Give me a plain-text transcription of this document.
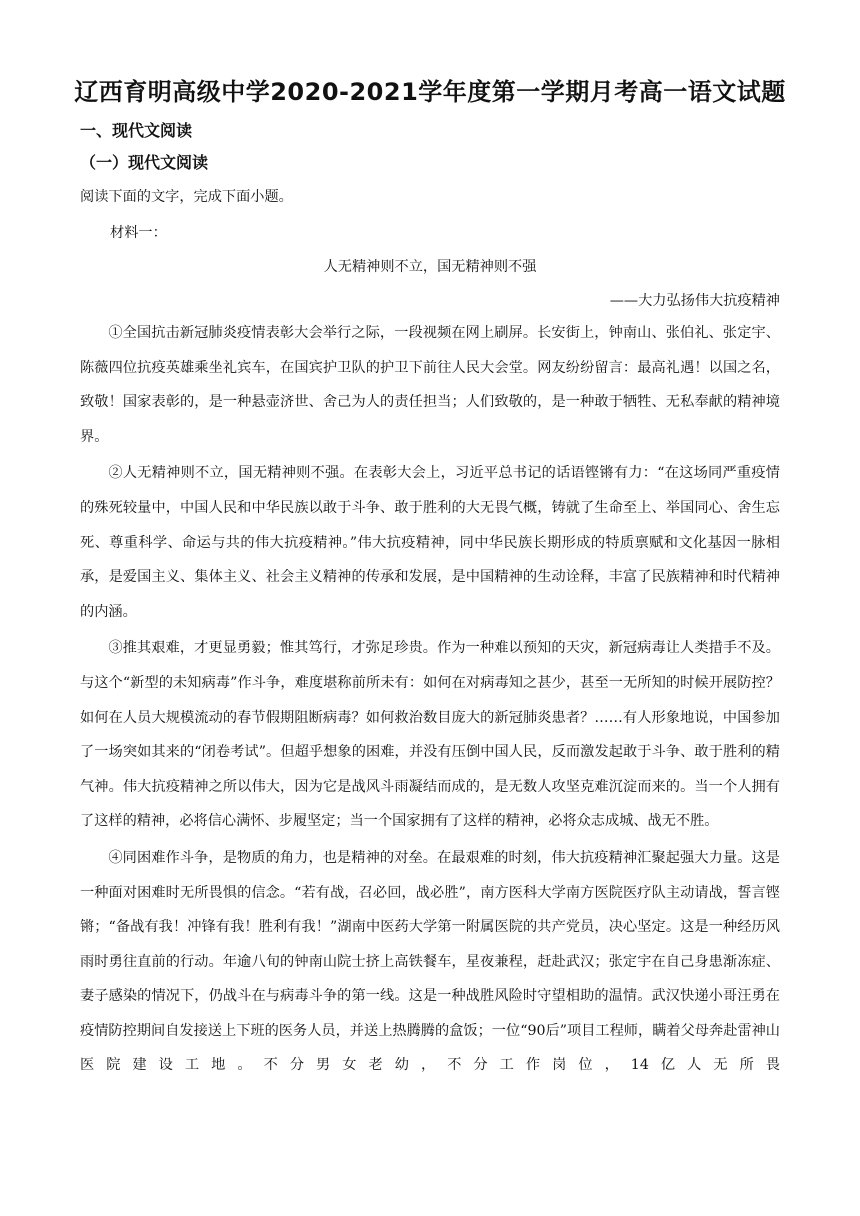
辽西育明高级中学2020-2021学年度第一学期月考高一语文试题
一、现代文阅读
（一）现代文阅读
阅读下面的文字，完成下面小题。
材料一：
人无精神则不立，国无精神则不强
——大力弘扬伟大抗疫精神

①全国抗击新冠肺炎疫情表彰大会举行之际，一段视频在网上刷屏。长安街上，钟南山、张伯礼、张定宇、陈薇四位抗疫英雄乘坐礼宾车，在国宾护卫队的护卫下前往人民大会堂。网友纷纷留言：最高礼遇！以国之名，致敬！国家表彰的，是一种悬壶济世、舍己为人的责任担当；人们致敬的，是一种敢于牺牲、无私奉献的精神境界。

②人无精神则不立，国无精神则不强。在表彰大会上，习近平总书记的话语铿锵有力：“在这场同严重疫情的殊死较量中，中国人民和中华民族以敢于斗争、敢于胜利的大无畏气概，铸就了生命至上、举国同心、舍生忘死、尊重科学、命运与共的伟大抗疫精神。”伟大抗疫精神，同中华民族长期形成的特质禀赋和文化基因一脉相承，是爱国主义、集体主义、社会主义精神的传承和发展，是中国精神的生动诠释，丰富了民族精神和时代精神的内涵。

③推其艰难，才更显勇毅；惟其笃行，才弥足珍贵。作为一种难以预知的天灾，新冠病毒让人类措手不及。与这个“新型的未知病毒”作斗争，难度堪称前所未有：如何在对病毒知之甚少，甚至一无所知的时候开展防控？如何在人员大规模流动的春节假期阻断病毒？如何救治数目庞大的新冠肺炎患者？……有人形象地说，中国参加了一场突如其来的“闭卷考试”。但超乎想象的困难，并没有压倒中国人民，反而激发起敢于斗争、敢于胜利的精气神。伟大抗疫精神之所以伟大，因为它是战风斗雨凝结而成的，是无数人攻坚克难沉淀而来的。当一个人拥有了这样的精神，必将信心满怀、步履坚定；当一个国家拥有了这样的精神，必将众志成城、战无不胜。

④同困难作斗争，是物质的角力，也是精神的对垒。在最艰难的时刻，伟大抗疫精神汇聚起强大力量。这是一种面对困难时无所畏惧的信念。“若有战，召必回，战必胜”，南方医科大学南方医院医疗队主动请战，誓言铿锵；“备战有我！冲锋有我！胜利有我！”湖南中医药大学第一附属医院的共产党员，决心坚定。这是一种经历风雨时勇往直前的行动。年逾八旬的钟南山院士挤上高铁餐车，星夜兼程，赶赴武汉；张定宇在自己身患渐冻症、妻子感染的情况下，仍战斗在与病毒斗争的第一线。这是一种战胜风险时守望相助的温情。武汉快递小哥汪勇在疫情防控期间自发接送上下班的医务人员，并送上热腾腾的盒饭；一位“90后”项目工程师，瞒着父母奔赴雷神山医院建设工地。不分男女老幼，不分工作岗位，14亿人无所畏
